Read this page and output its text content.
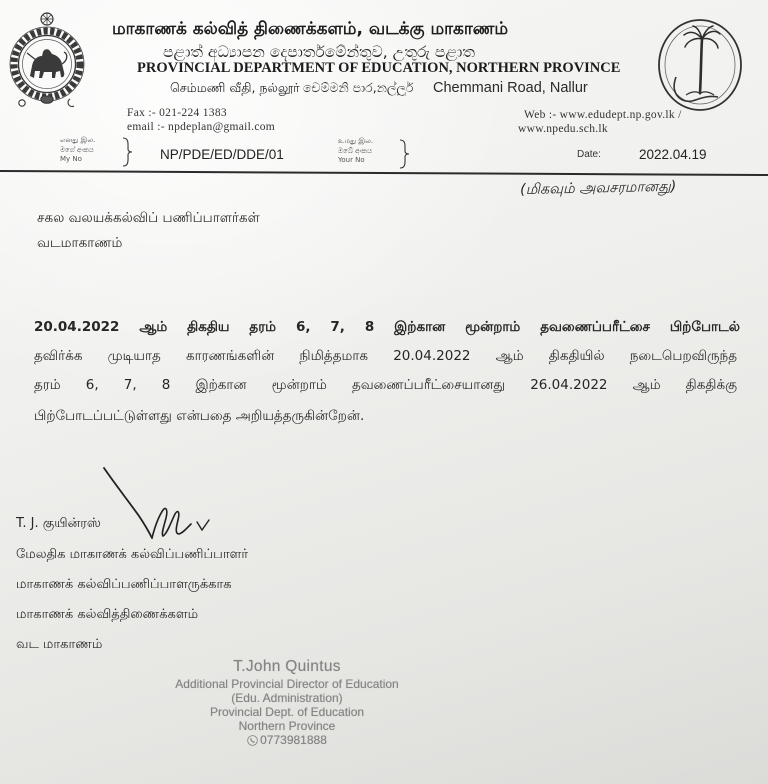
மாகாணக் கல்வித் திணைக்களம், வடக்கு மாகாணம்
පළාත් අධ්‍යාපන දෙපාර්තමේන්තුව, උතුරු පළාත
PROVINCIAL DEPARTMENT OF EDUCATION, NORTHERN PROVINCE
செம்மணி வீதி, நல்லூர் චෙම්මනි පාර,නල්ලූර්	Chemmani Road, Nallur
Fax :- 021-224 1383
email :- npdeplan@gmail.com
Web :- www.edudept.np.gov.lk /
www.npedu.sch.lk
எனது இல.
මගේ අංකය
My No	NP/PDE/ED/DDE/01
உமது இல.
ඔබේ අංකය
Your No	Date:	2022.04.19
(மிகவும் அவசரமானது)
சகல வலயக்கல்விப் பணிப்பாளர்கள்
வடமாகாணம்
20.04.2022 ஆம் திகதிய தரம் 6, 7, 8 இற்கான மூன்றாம் தவணைப்பரீட்சை பிற்போடல்
தவிர்க்க முடியாத காரணங்களின் நிமித்தமாக 20.04.2022 ஆம் திகதியில் நடைபெறவிருந்த
தரம் 6, 7, 8 இற்கான மூன்றாம் தவணைப்பரீட்சையானது 26.04.2022 ஆம் திகதிக்கு
பிற்போடப்பட்டுள்ளது என்பதை அறியத்தருகின்றேன்.
T. J. குயின்ரஸ்
மேலதிக மாகாணக் கல்விப்பணிப்பாளர்
மாகாணக் கல்விப்பணிப்பாளருக்காக
மாகாணக் கல்வித்திணைக்களம்
வட மாகாணம்
T.John Quintus
Additional Provincial Director of Education
(Edu. Administration)
Provincial Dept. of Education
Northern Province
0773981888
